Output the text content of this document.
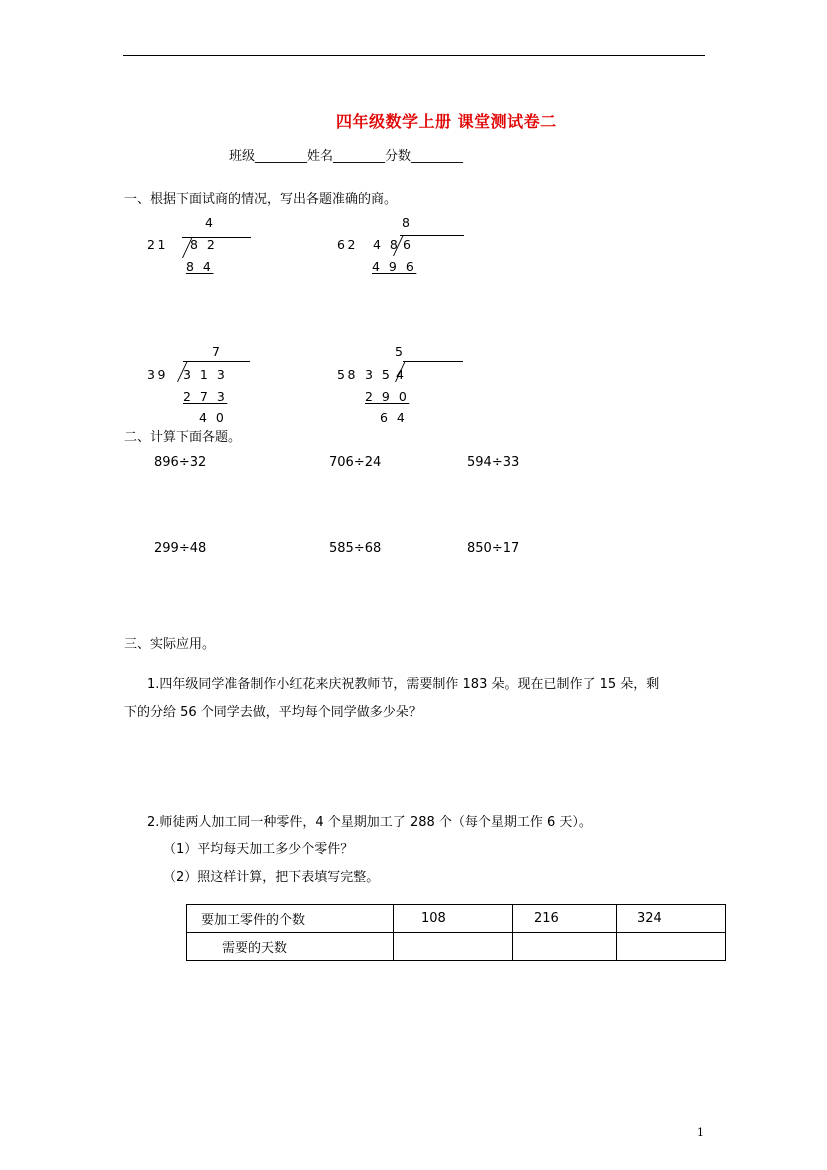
四年级数学上册 课堂测试卷二
班级________姓名________分数________
一、根据下面试商的情况，写出各题准确的商。
4
21 8 2
8 4
8
62 4 8 6
4 9 6
7
39 3 1 3
2 7 3
4 0
5
58 3 5 4
2 9 0
6 4
二、计算下面各题。
896÷32	706÷24	594÷33
299÷48	585÷68	850÷17
三、实际应用。
1.四年级同学准备制作小红花来庆祝教师节，需要制作 183 朵。现在已制作了 15 朵，剩
下的分给 56 个同学去做，平均每个同学做多少朵？
2.师徒两人加工同一种零件，4 个星期加工了 288 个（每个星期工作 6 天）。
（1）平均每天加工多少个零件？
（2）照这样计算，把下表填写完整。
要加工零件的个数	108	216	324
需要的天数			
1
